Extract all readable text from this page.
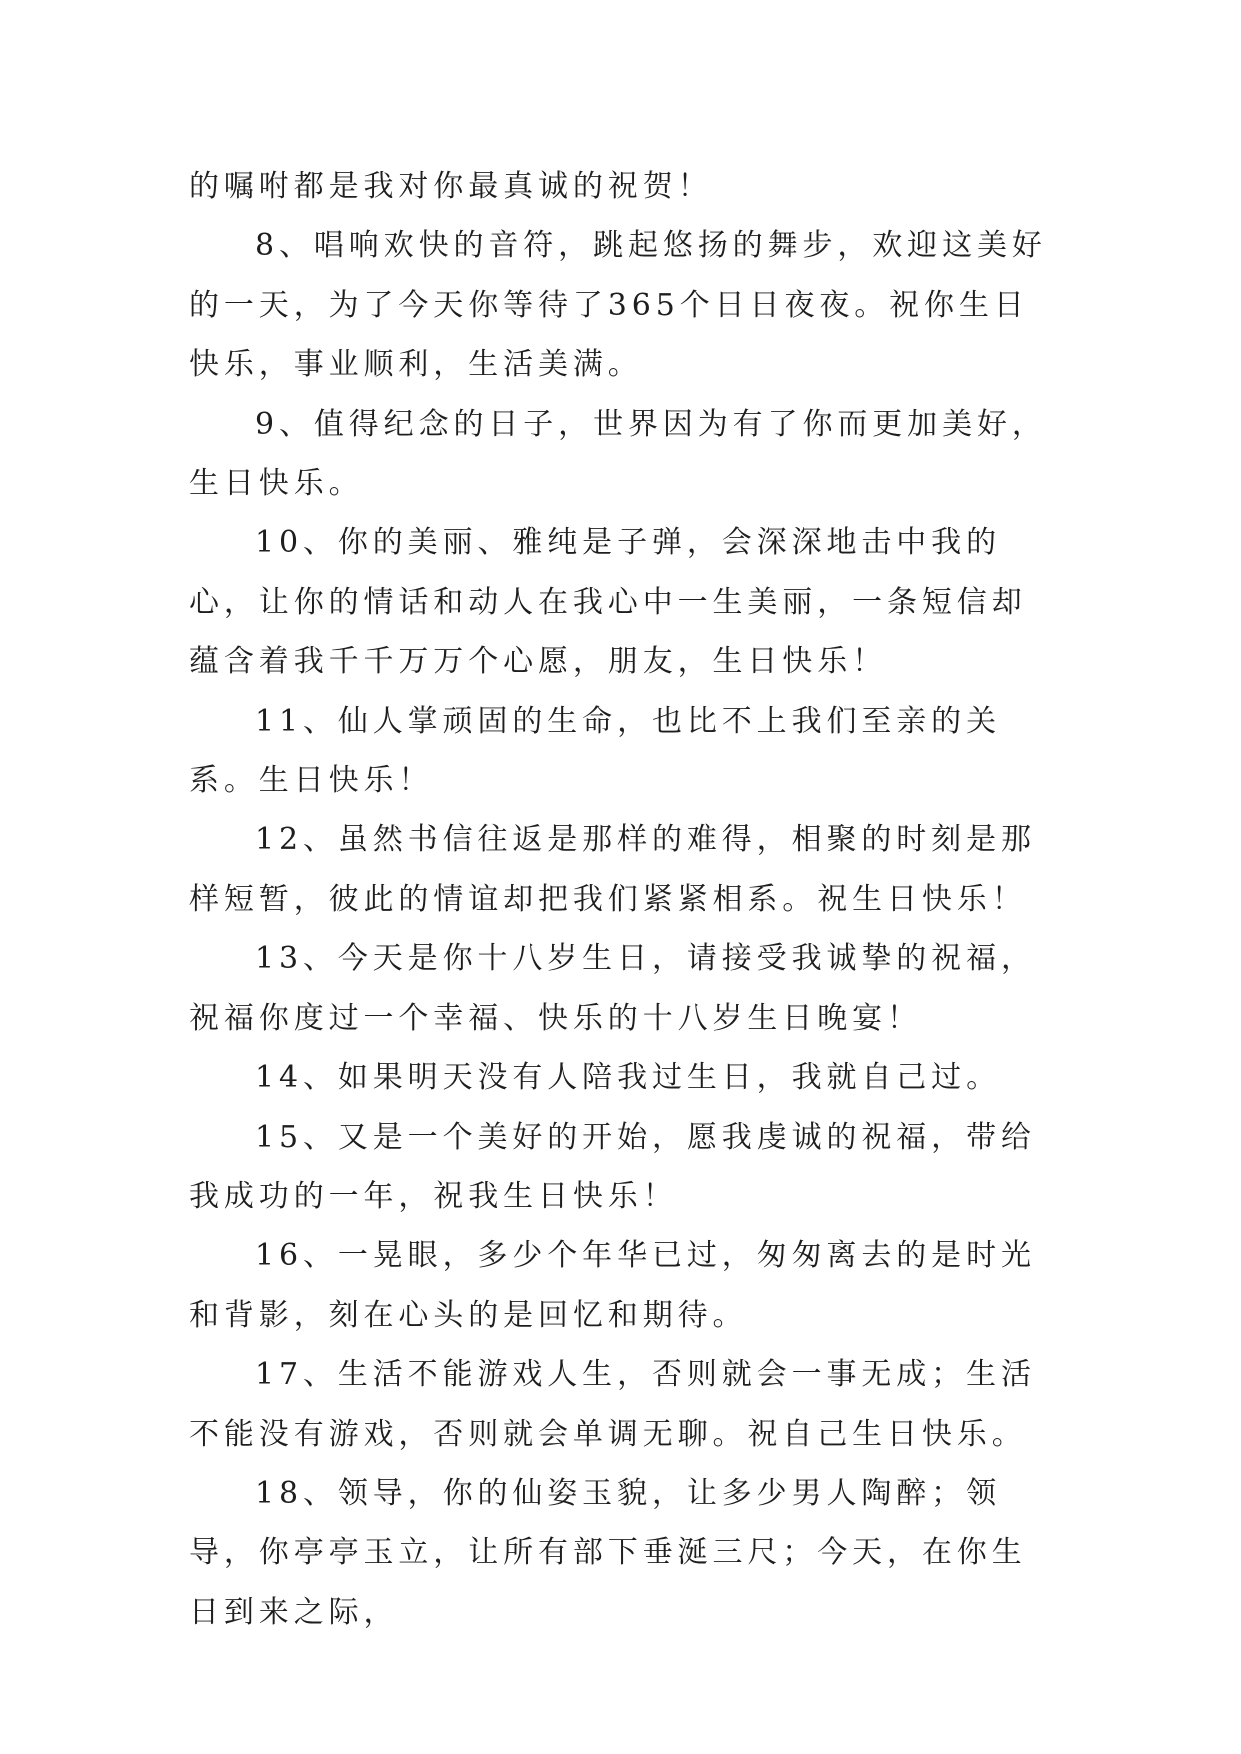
的嘱咐都是我对你最真诚的祝贺！

8、唱响欢快的音符，跳起悠扬的舞步，欢迎这美好的一天，为了今天你等待了365个日日夜夜。祝你生日快乐，事业顺利，生活美满。

9、值得纪念的日子，世界因为有了你而更加美好，生日快乐。

10、你的美丽、雅纯是子弹，会深深地击中我的心，让你的情话和动人在我心中一生美丽，一条短信却蕴含着我千千万万个心愿，朋友，生日快乐！

11、仙人掌顽固的生命，也比不上我们至亲的关系。生日快乐！

12、虽然书信往返是那样的难得，相聚的时刻是那样短暂，彼此的情谊却把我们紧紧相系。祝生日快乐！

13、今天是你十八岁生日，请接受我诚挚的祝福，祝福你度过一个幸福、快乐的十八岁生日晚宴！

14、如果明天没有人陪我过生日，我就自己过。

15、又是一个美好的开始，愿我虔诚的祝福，带给我成功的一年，祝我生日快乐！

16、一晃眼，多少个年华已过，匆匆离去的是时光和背影，刻在心头的是回忆和期待。

17、生活不能游戏人生，否则就会一事无成；生活不能没有游戏，否则就会单调无聊。祝自己生日快乐。

18、领导，你的仙姿玉貌，让多少男人陶醉；领导，你亭亭玉立，让所有部下垂涎三尺；今天，在你生日到来之际，
